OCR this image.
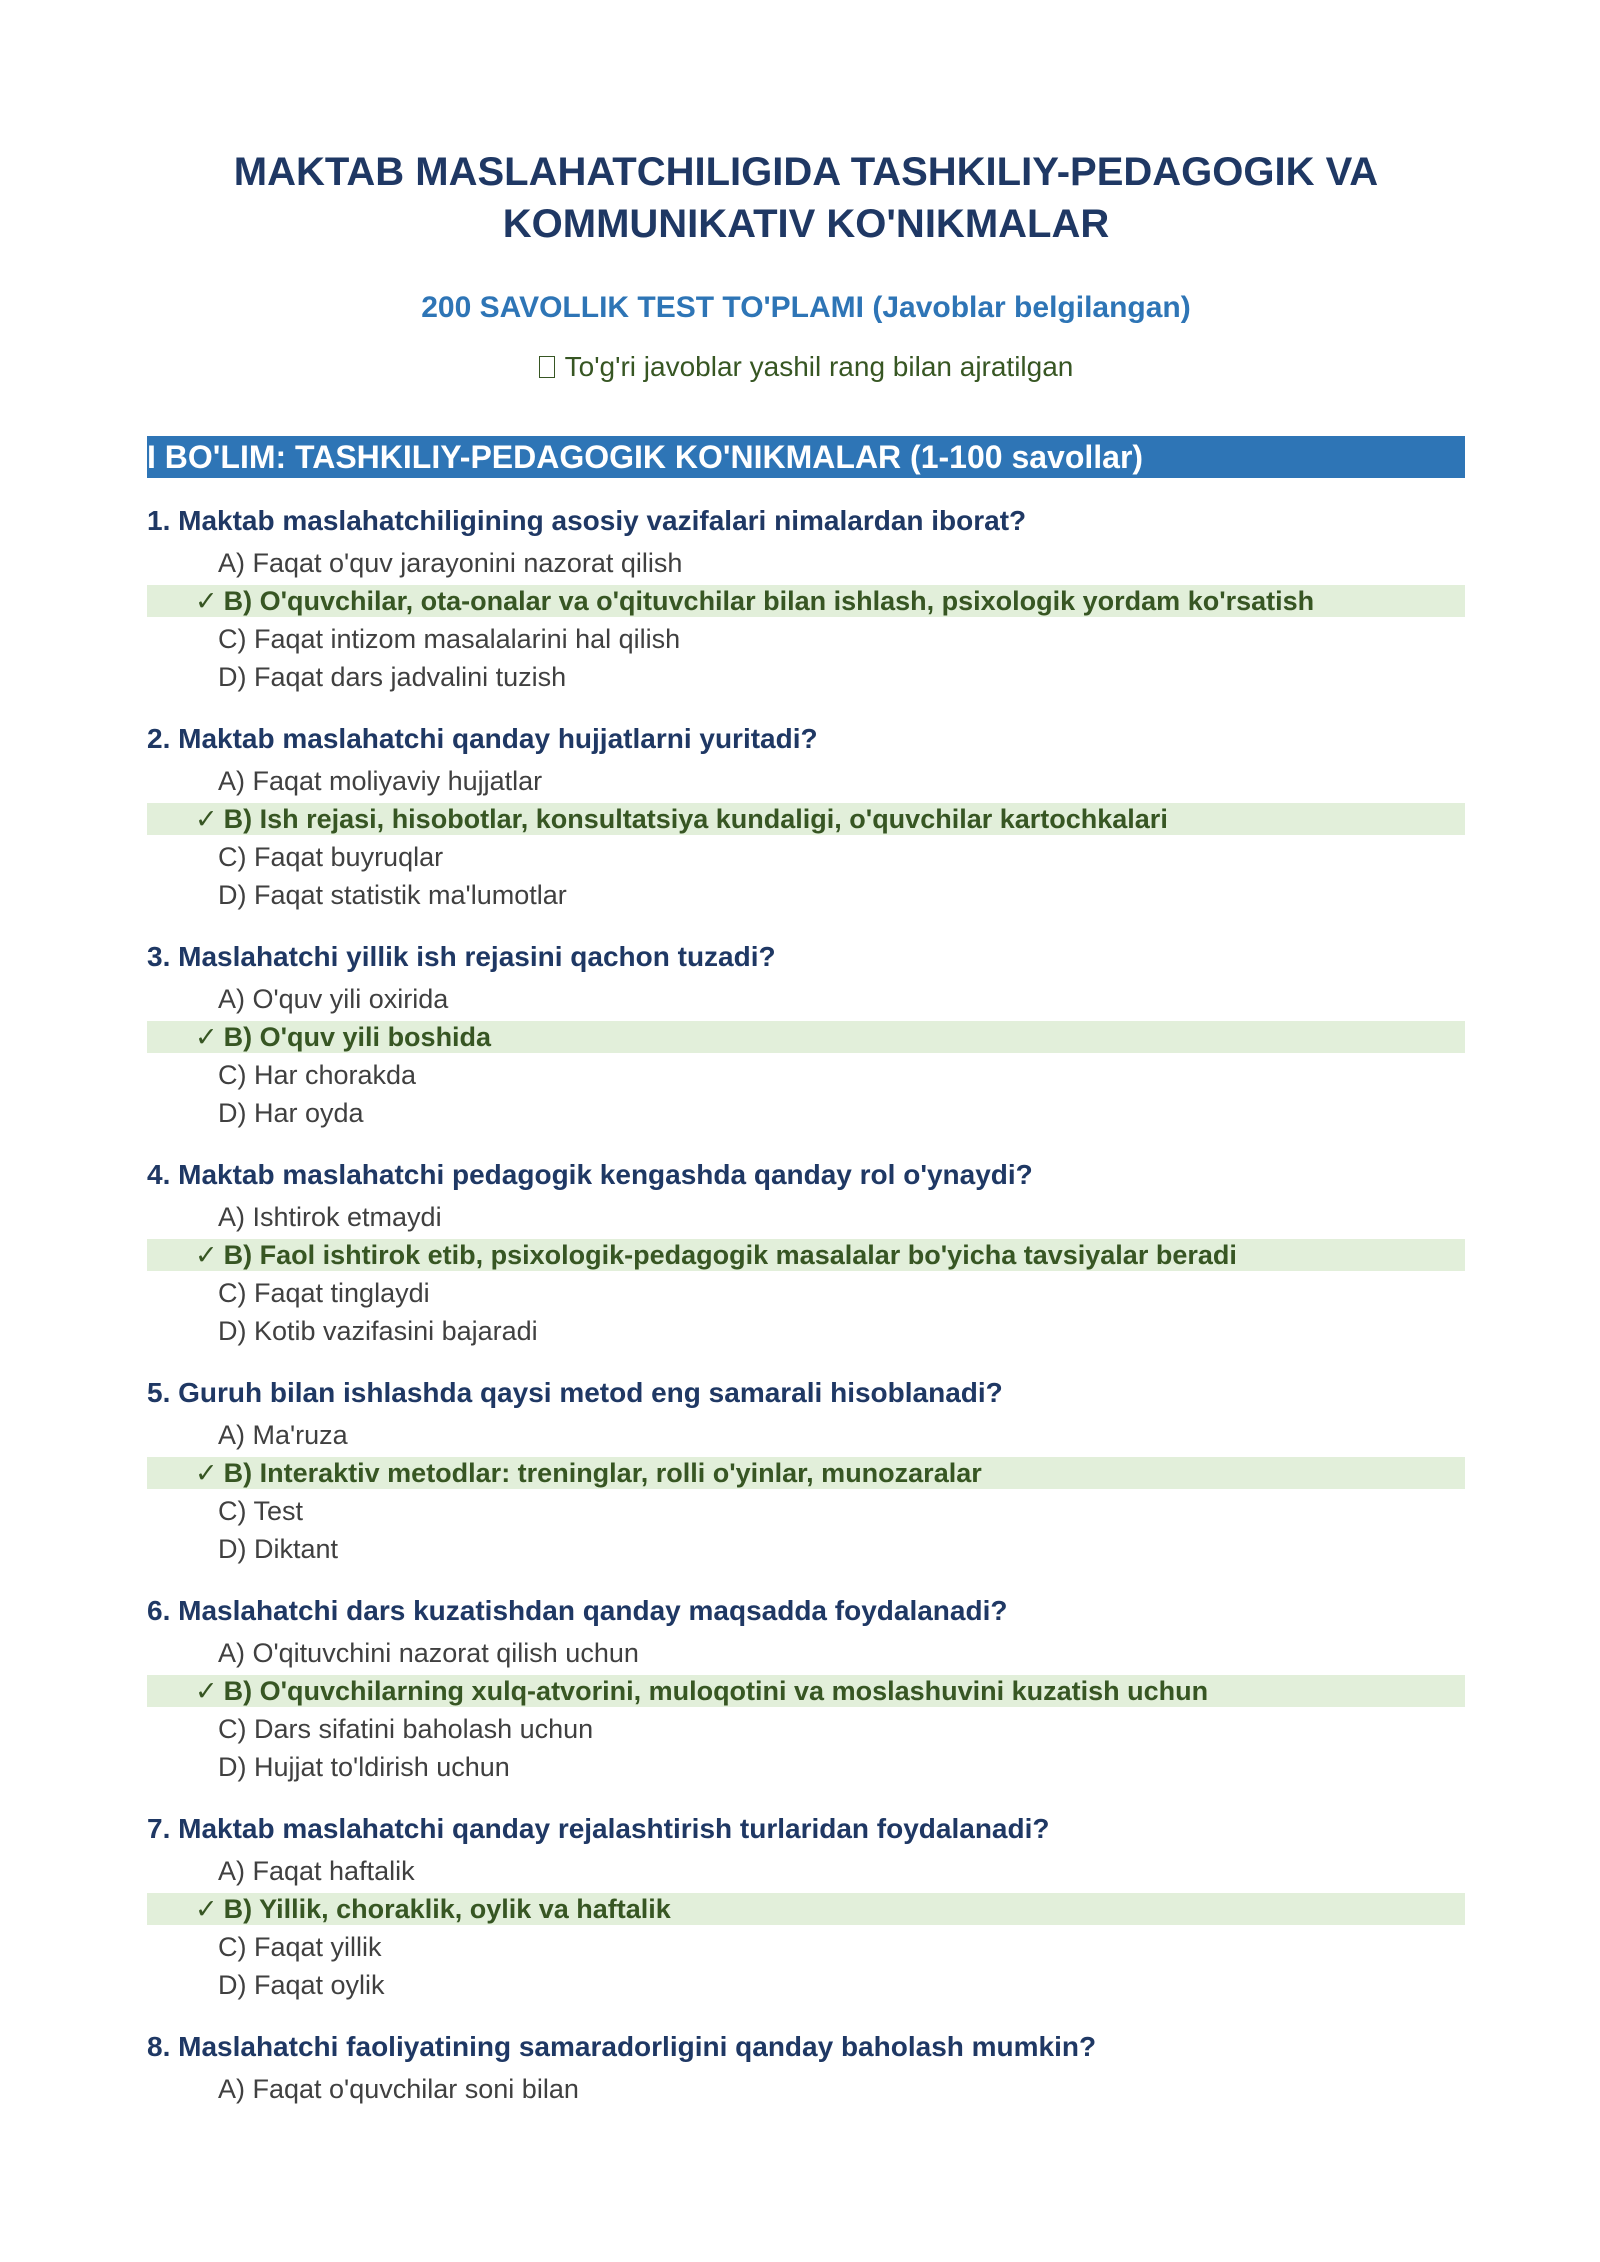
MAKTAB MASLAHATCHILIGIDA TASHKILIY-PEDAGOGIK VA
KOMMUNIKATIV KO'NIKMALAR
200 SAVOLLIK TEST TO'PLAMI (Javoblar belgilangan)
To'g'ri javoblar yashil rang bilan ajratilgan
I BO'LIM: TASHKILIY-PEDAGOGIK KO'NIKMALAR (1-100 savollar)
1. Maktab maslahatchiligining asosiy vazifalari nimalardan iborat?
A) Faqat o'quv jarayonini nazorat qilish
✓ B) O'quvchilar, ota-onalar va o'qituvchilar bilan ishlash, psixologik yordam ko'rsatish
C) Faqat intizom masalalarini hal qilish
D) Faqat dars jadvalini tuzish
2. Maktab maslahatchi qanday hujjatlarni yuritadi?
A) Faqat moliyaviy hujjatlar
✓ B) Ish rejasi, hisobotlar, konsultatsiya kundaligi, o'quvchilar kartochkalari
C) Faqat buyruqlar
D) Faqat statistik ma'lumotlar
3. Maslahatchi yillik ish rejasini qachon tuzadi?
A) O'quv yili oxirida
✓ B) O'quv yili boshida
C) Har chorakda
D) Har oyda
4. Maktab maslahatchi pedagogik kengashda qanday rol o'ynaydi?
A) Ishtirok etmaydi
✓ B) Faol ishtirok etib, psixologik-pedagogik masalalar bo'yicha tavsiyalar beradi
C) Faqat tinglaydi
D) Kotib vazifasini bajaradi
5. Guruh bilan ishlashda qaysi metod eng samarali hisoblanadi?
A) Ma'ruza
✓ B) Interaktiv metodlar: treninglar, rolli o'yinlar, munozaralar
C) Test
D) Diktant
6. Maslahatchi dars kuzatishdan qanday maqsadda foydalanadi?
A) O'qituvchini nazorat qilish uchun
✓ B) O'quvchilarning xulq-atvorini, muloqotini va moslashuvini kuzatish uchun
C) Dars sifatini baholash uchun
D) Hujjat to'ldirish uchun
7. Maktab maslahatchi qanday rejalashtirish turlaridan foydalanadi?
A) Faqat haftalik
✓ B) Yillik, choraklik, oylik va haftalik
C) Faqat yillik
D) Faqat oylik
8. Maslahatchi faoliyatining samaradorligini qanday baholash mumkin?
A) Faqat o'quvchilar soni bilan
